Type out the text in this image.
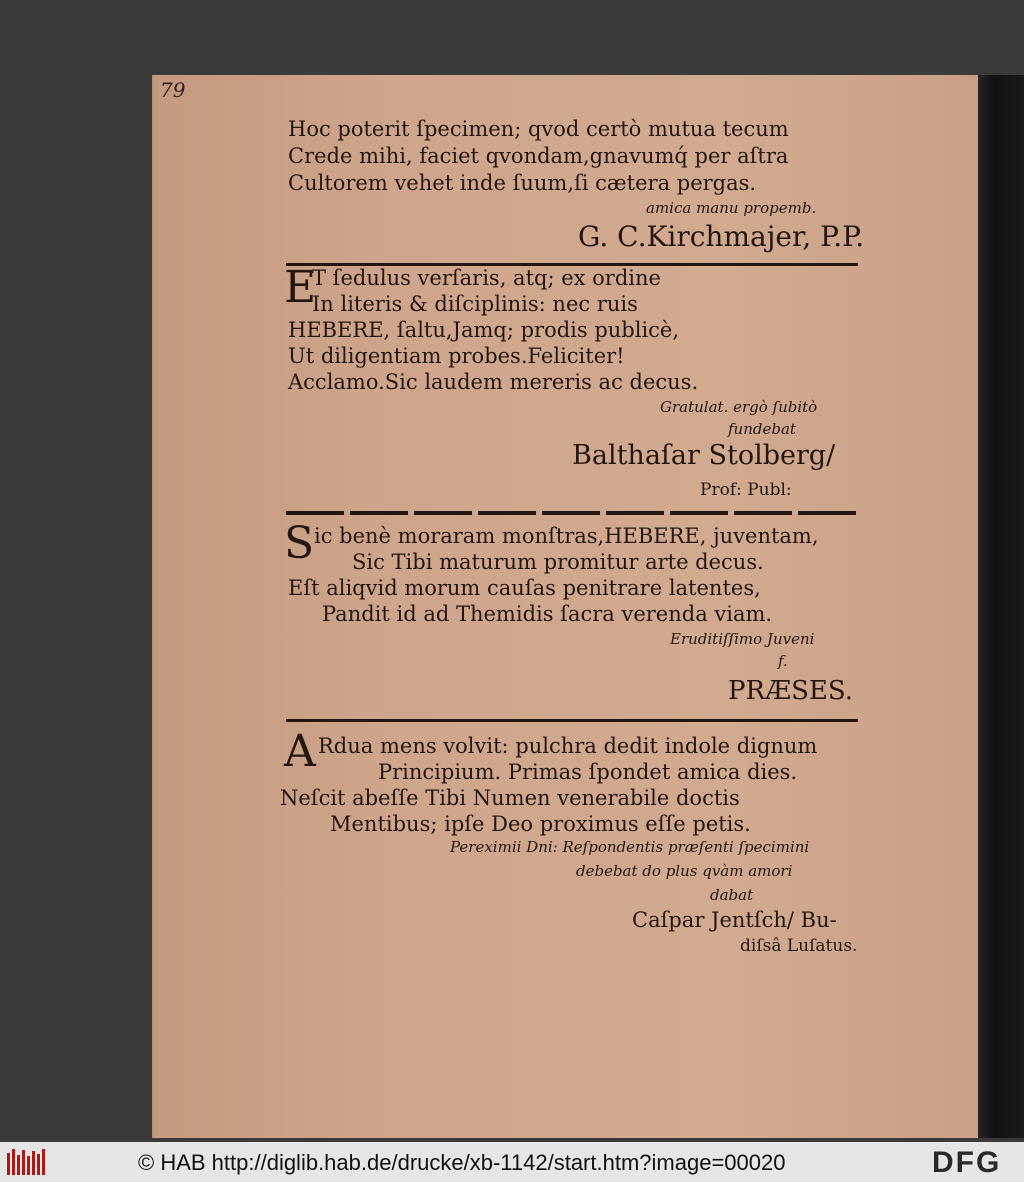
79
Hoc poterit ſpecimen; qvod certò mutua tecum
Crede mihi, faciet qvondam,gnavumq́ per aſtra
Cultorem vehet inde ſuum,ſi cætera pergas.
amica manu propemb.
G. C.Kirchmajer, P.P.
E
T ſedulus verſaris, atq; ex ordine
In literis & diſciplinis: nec ruis
HEBERE, ſaltu,Jamq; prodis publicè,
Ut diligentiam probes.Feliciter!
Acclamo.Sic laudem mereris ac decus.
Gratulat. ergò ſubitò
fundebat
Balthaſar Stolberg/
Prof: Publ:
S ic benè moraram monſtras,HEBERE, juventam,
Sic Tibi maturum promitur arte decus.
Eſt aliqvid morum cauſas penitrare latentes,
Pandit id ad Themidis ſacra verenda viam.
Eruditiſſimo Juveni
f.
PRÆSES.
A Rdua mens volvit: pulchra dedit indole dignum
Principium. Primas ſpondet amica dies.
Neſcit abeſſe Tibi Numen venerabile doctis
Mentibus; ipſe Deo proximus eſſe petis.
Pereximii Dni: Reſpondentis præſenti ſpecimini
debebat do plus qvàm amori
dabat
Caſpar Jentſch/ Bu-
diſsâ Luſatus.
© HAB http://diglib.hab.de/drucke/xb-1142/start.htm?image=00020	DFG
